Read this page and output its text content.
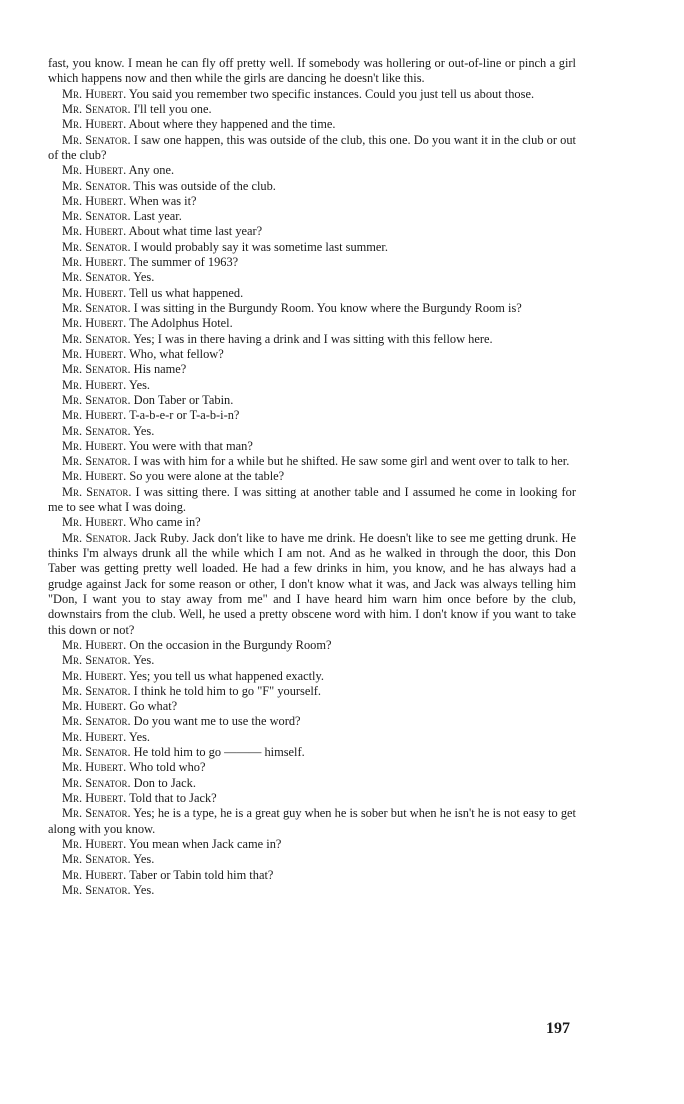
fast, you know. I mean he can fly off pretty well. If somebody was hollering or out-of-line or pinch a girl which happens now and then while the girls are dancing he doesn't like this.

Mr. Hubert. You said you remember two specific instances. Could you just tell us about those.

Mr. Senator. I'll tell you one.

Mr. Hubert. About where they happened and the time.

Mr. Senator. I saw one happen, this was outside of the club, this one. Do you want it in the club or out of the club?

Mr. Hubert. Any one.

Mr. Senator. This was outside of the club.

Mr. Hubert. When was it?

Mr. Senator. Last year.

Mr. Hubert. About what time last year?

Mr. Senator. I would probably say it was sometime last summer.

Mr. Hubert. The summer of 1963?

Mr. Senator. Yes.

Mr. Hubert. Tell us what happened.

Mr. Senator. I was sitting in the Burgundy Room. You know where the Burgundy Room is?

Mr. Hubert. The Adolphus Hotel.

Mr. Senator. Yes; I was in there having a drink and I was sitting with this fellow here.

Mr. Hubert. Who, what fellow?

Mr. Senator. His name?

Mr. Hubert. Yes.

Mr. Senator. Don Taber or Tabin.

Mr. Hubert. T-a-b-e-r or T-a-b-i-n?

Mr. Senator. Yes.

Mr. Hubert. You were with that man?

Mr. Senator. I was with him for a while but he shifted. He saw some girl and went over to talk to her.

Mr. Hubert. So you were alone at the table?

Mr. Senator. I was sitting there. I was sitting at another table and I assumed he come in looking for me to see what I was doing.

Mr. Hubert. Who came in?

Mr. Senator. Jack Ruby. Jack don't like to have me drink. He doesn't like to see me getting drunk. He thinks I'm always drunk all the while which I am not. And as he walked in through the door, this Don Taber was getting pretty well loaded. He had a few drinks in him, you know, and he has always had a grudge against Jack for some reason or other, I don't know what it was, and Jack was always telling him "Don, I want you to stay away from me" and I have heard him warn him once before by the club, downstairs from the club. Well, he used a pretty obscene word with him. I don't know if you want to take this down or not?

Mr. Hubert. On the occasion in the Burgundy Room?

Mr. Senator. Yes.

Mr. Hubert. Yes; you tell us what happened exactly.

Mr. Senator. I think he told him to go "F" yourself.

Mr. Hubert. Go what?

Mr. Senator. Do you want me to use the word?

Mr. Hubert. Yes.

Mr. Senator. He told him to go ——— himself.

Mr. Hubert. Who told who?

Mr. Senator. Don to Jack.

Mr. Hubert. Told that to Jack?

Mr. Senator. Yes; he is a type, he is a great guy when he is sober but when he isn't he is not easy to get along with you know.

Mr. Hubert. You mean when Jack came in?

Mr. Senator. Yes.

Mr. Hubert. Taber or Tabin told him that?

Mr. Senator. Yes.

197
